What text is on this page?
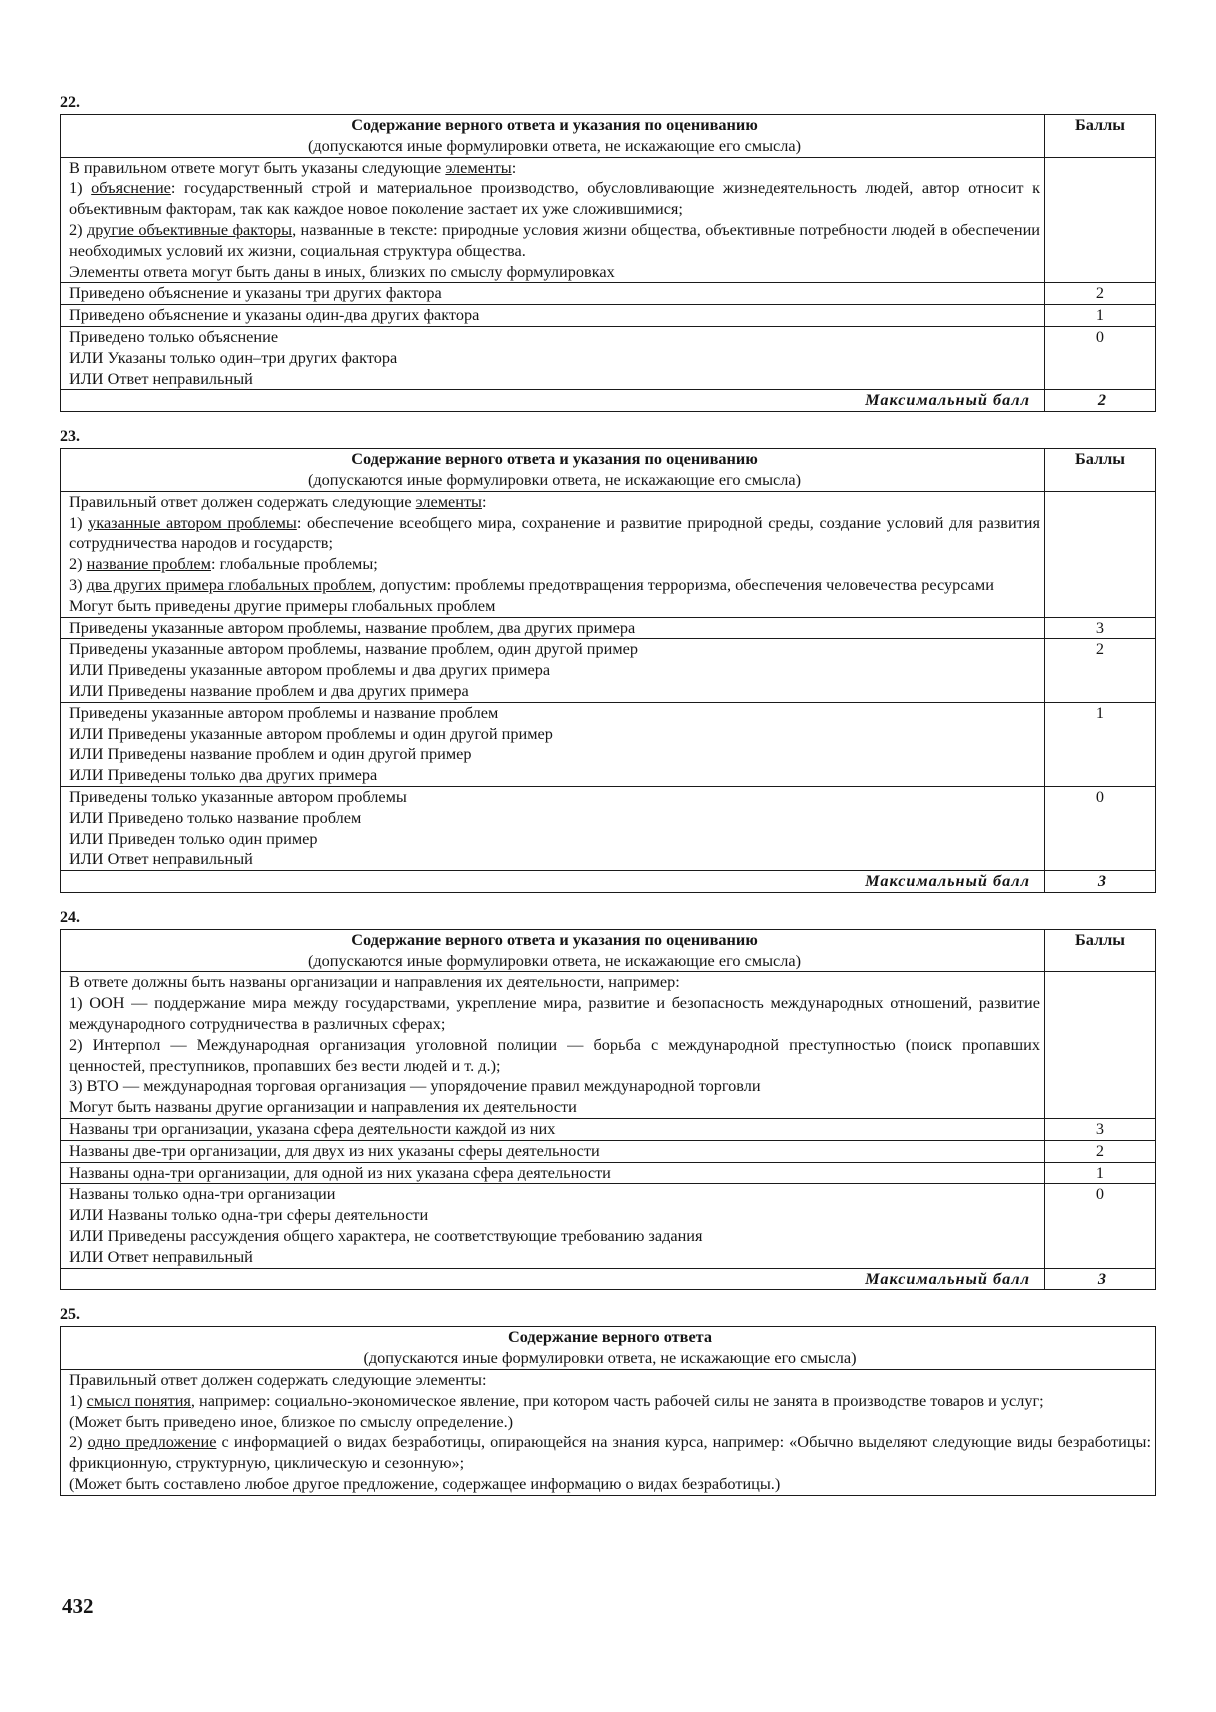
22.
Содержание верного ответа и указания по оцениванию
(допускаются иные формулировки ответа, не искажающие его смысла)	Баллы

В правильном ответе могут быть указаны следующие элементы:
1) объяснение: государственный строй и материальное производство, обусловливающие жизнедеятельность людей, автор относит к объективным факторам, так как каждое новое поколение застает их уже сложившимися;
2) другие объективные факторы, названные в тексте: природные условия жизни общества, объективные потребности людей в обеспечении необходимых условий их жизни, социальная структура общества.
Элементы ответа могут быть даны в иных, близких по смыслу формулировках	

Приведено объяснение и указаны три других фактора	2

Приведено объяснение и указаны один-два других фактора	1

Приведено только объяснение
ИЛИ Указаны только один–три других фактора
ИЛИ Ответ неправильный	0
Максимальный балл	2
23.
Содержание верного ответа и указания по оцениванию
(допускаются иные формулировки ответа, не искажающие его смысла)	Баллы

Правильный ответ должен содержать следующие элементы:
1) указанные автором проблемы: обеспечение всеобщего мира, сохранение и развитие природной среды, создание условий для развития сотрудничества народов и государств;
2) название проблем: глобальные проблемы;
3) два других примера глобальных проблем, допустим: проблемы предотвращения терроризма, обеспечения человечества ресурсами
Могут быть приведены другие примеры глобальных проблем	

Приведены указанные автором проблемы, название проблем, два других примера	3

Приведены указанные автором проблемы, название проблем, один другой пример
ИЛИ Приведены указанные автором проблемы и два других примера
ИЛИ Приведены название проблем и два других примера	2

Приведены указанные автором проблемы и название проблем
ИЛИ Приведены указанные автором проблемы и один другой пример
ИЛИ Приведены название проблем и один другой пример
ИЛИ Приведены только два других примера	1

Приведены только указанные автором проблемы
ИЛИ Приведено только название проблем
ИЛИ Приведен только один пример
ИЛИ Ответ неправильный	0
Максимальный балл	3
24.
Содержание верного ответа и указания по оцениванию
(допускаются иные формулировки ответа, не искажающие его смысла)	Баллы

В ответе должны быть названы организации и направления их деятельности, например:
1) ООН — поддержание мира между государствами, укрепление мира, развитие и безопасность международных отношений, развитие международного сотрудничества в различных сферах;
2) Интерпол — Международная организация уголовной полиции — борьба с международной преступностью (поиск пропавших ценностей, преступников, пропавших без вести людей и т. д.);
3) ВТО — международная торговая организация — упорядочение правил международной торговли
Могут быть названы другие организации и направления их деятельности	

Названы три организации, указана сфера деятельности каждой из них	3

Названы две-три организации, для двух из них указаны сферы деятельности	2

Названы одна-три организации, для одной из них указана сфера деятельности	1

Названы только одна-три организации
ИЛИ Названы только одна-три сферы деятельности
ИЛИ Приведены рассуждения общего характера, не соответствующие требованию задания
ИЛИ Ответ неправильный	0
Максимальный балл	3
25.
Содержание верного ответа
(допускаются иные формулировки ответа, не искажающие его смысла)

Правильный ответ должен содержать следующие элементы:
1) смысл понятия, например: социально-экономическое явление, при котором часть рабочей силы не занята в производстве товаров и услуг;
(Может быть приведено иное, близкое по смыслу определение.)
2) одно предложение с информацией о видах безработицы, опирающейся на знания курса, например: «Обычно выделяют следующие виды безработицы: фрикционную, структурную, циклическую и сезонную»;
(Может быть составлено любое другое предложение, содержащее информацию о видах безработицы.)
432
